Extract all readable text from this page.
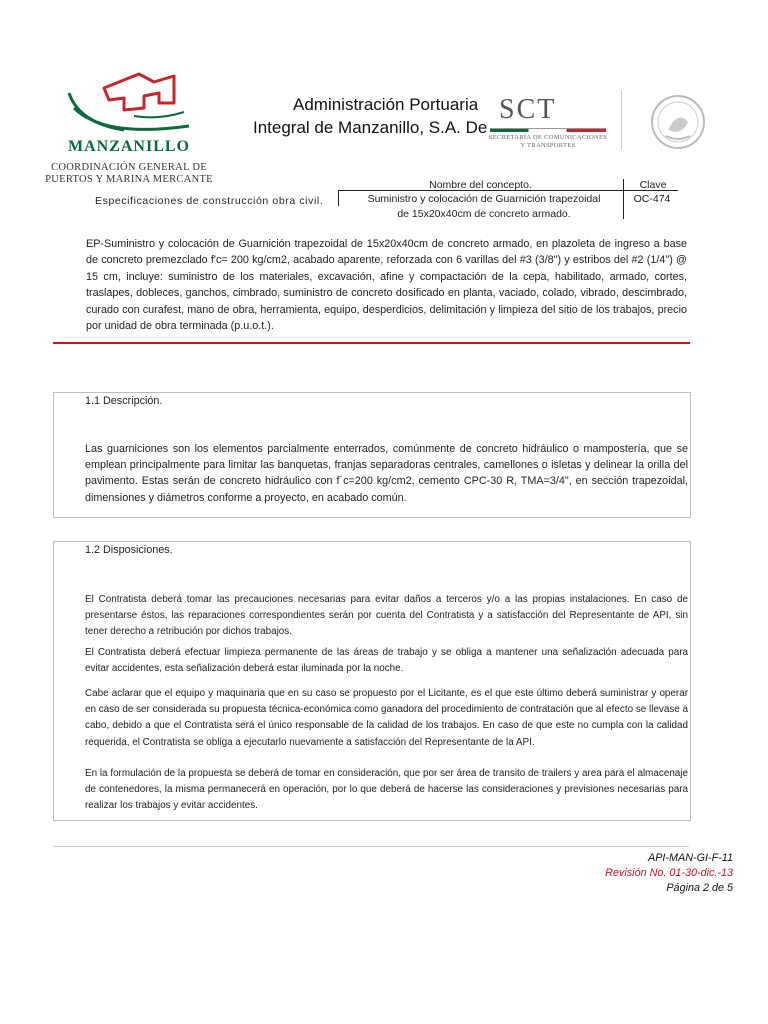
MANZANILLO
COORDINACIÓN GENERAL DE
PUERTOS Y MARINA MERCANTE
Administración Portuaria
Integral de Manzanillo, S.A. De
SCT
SECRETARÍA DE COMUNICACIONES
Y TRANSPORTES
Especificaciones de construcción obra civil.
Nombre del concepto.
Suministro y colocación de Guarnición trapezoidal
de 15x20x40cm de concreto armado.
Clave
OC-474
EP-Suministro y colocación de Guarnición trapezoidal de 15x20x40cm de concreto armado, en plazoleta de ingreso a base de concreto premezclado f'c= 200 kg/cm2, acabado aparente, reforzada con 6 varillas del #3 (3/8") y estribos del #2 (1/4") @ 15 cm, incluye: suministro de los materiales, excavación, afine y compactación de la cepa, habilitado, armado, cortes, traslapes, dobleces, ganchos, cimbrado, suministro de concreto dosificado en planta, vaciado, colado, vibrado, descimbrado, curado con curafest, mano de obra, herramienta, equipo, desperdicios, delimitación y limpieza del sitio de los trabajos, precio por unidad de obra terminada (p.u.o.t.).
1.1 Descripción.
Las guarniciones son los elementos parcialmente enterrados, comúnmente de concreto hidráulico o mampostería, que se emplean principalmente para limitar las banquetas, franjas separadoras centrales, camellones o isletas y delinear la orilla del pavimento. Estas serán de concreto hidráulico con f´c=200 kg/cm2, cemento CPC-30 R, TMA=3/4", en sección trapezoidal, dimensiones y diámetros conforme a proyecto, en acabado común.
1.2 Disposiciones.
El Contratista deberá tomar las precauciones necesarias para evitar daños a terceros y/o a las propias instalaciones. En caso de presentarse éstos, las reparaciones correspondientes serán por cuenta del Contratista y a satisfacción del Representante de API, sin tener derecho a retribución por dichos trabajos.
El Contratista deberá efectuar limpieza permanente de las áreas de trabajo y se obliga a mantener una señalización adecuada para evitar accidentes, esta señalización deberá estar iluminada por la noche.
Cabe aclarar que el equipo y maquinaria que en su caso se propuesto por el Licitante, es el que este último deberá suministrar y operar en caso de ser considerada su propuesta técnica-económica como ganadora del procedimiento de contratación que al efecto se llevase a cabo, debido a que el Contratista será el único responsable de la calidad de los trabajos. En caso de que este no cumpla con la calidad requerida, el Contratista se obliga a ejecutarlo nuevamente a satisfacción del Representante de la API.
En la formulación de la propuesta se deberá de tomar en consideración, que por ser área de transito de trailers y area para el almacenaje de contenedores, la misma permanecerá en operación, por lo que deberá de hacerse las consideraciones y previsiones necesarias para realizar los trabajos y evitar accidentes.
API-MAN-GI-F-11
Revisión No. 01-30-dic.-13
Página 2 de 5
